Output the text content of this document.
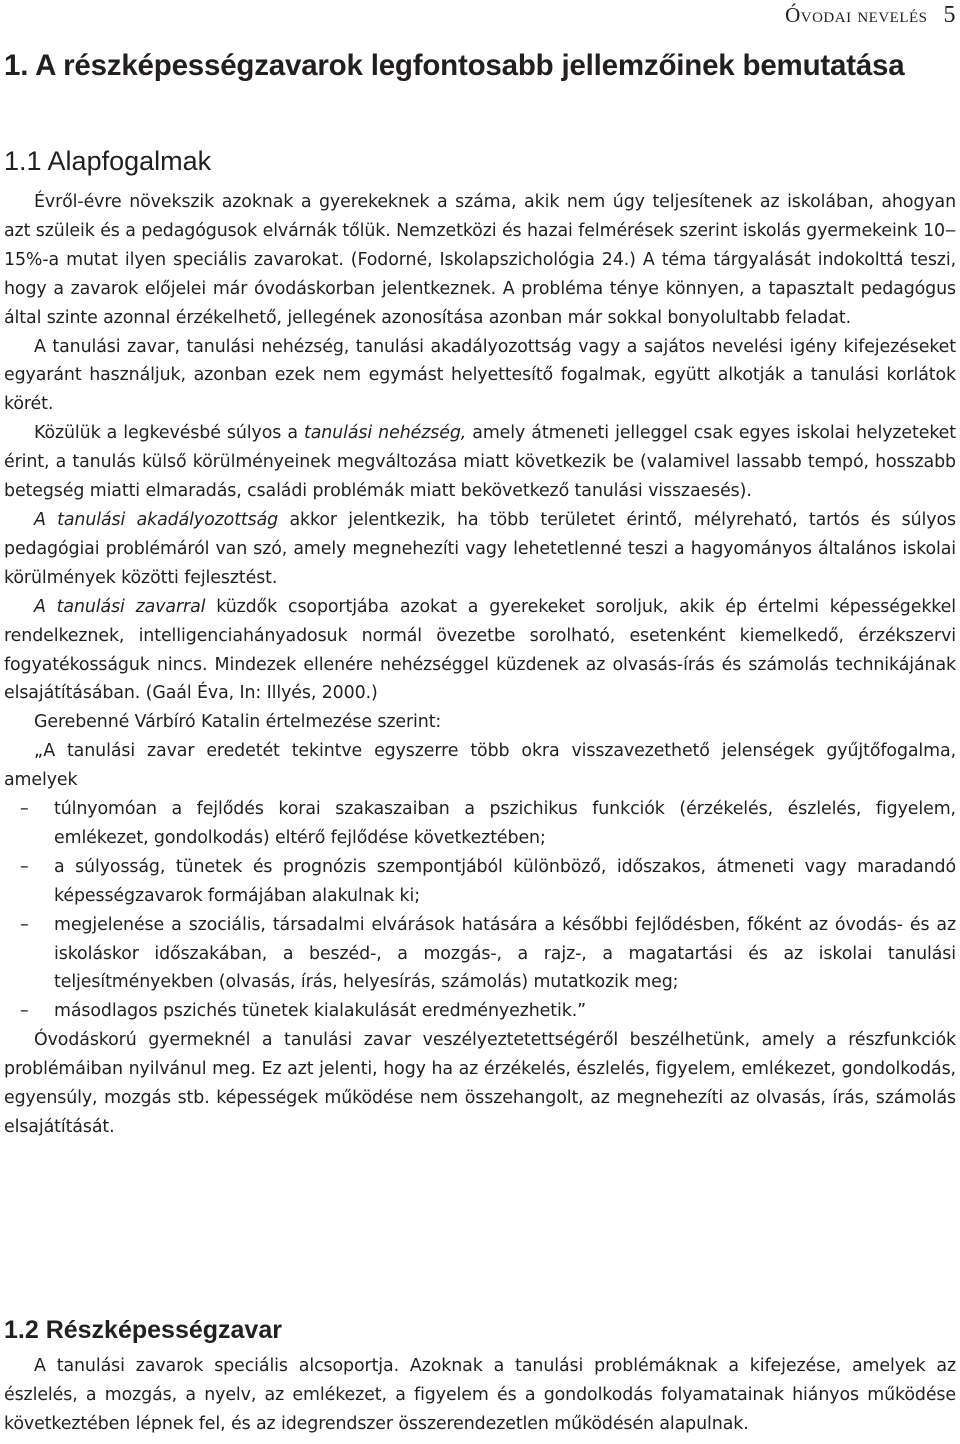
Óvodai nevelés 5
1. A részképességzavarok legfontosabb jellemzőinek bemutatása
1.1 Alapfogalmak

Évről-évre növekszik azoknak a gyerekeknek a száma, akik nem úgy teljesítenek az iskolában, ahogyan azt szüleik és a pedagógusok elvárnák tőlük. Nemzetközi és hazai felmérések szerint iskolás gyermekeink 10‒15%-a mutat ilyen speciális zavarokat. (Fodorné, Iskolapszichológia 24.) A téma tárgyalását indokolttá teszi, hogy a zavarok előjelei már óvodáskorban jelentkeznek. A probléma ténye könnyen, a tapasztalt pedagógus által szinte azonnal érzékelhető, jellegének azonosítása azonban már sokkal bonyolultabb feladat.

A tanulási zavar, tanulási nehézség, tanulási akadályozottság vagy a sajátos nevelési igény kifejezéseket egyaránt használjuk, azonban ezek nem egymást helyettesítő fogalmak, együtt alkotják a tanulási korlátok körét.

Közülük a legkevésbé súlyos a tanulási nehézség, amely átmeneti jelleggel csak egyes iskolai helyzeteket érint, a tanulás külső körülményeinek megváltozása miatt következik be (valamivel lassabb tempó, hosszabb betegség miatti elmaradás, családi problémák miatt bekövetkező tanulási visszaesés).

A tanulási akadályozottság akkor jelentkezik, ha több területet érintő, mélyreható, tartós és súlyos pedagógiai problémáról van szó, amely megnehezíti vagy lehetetlenné teszi a hagyományos általános iskolai körülmények közötti fejlesztést.

A tanulási zavarral küzdők csoportjába azokat a gyerekeket soroljuk, akik ép értelmi képességekkel rendelkeznek, intelligenciahányadosuk normál övezetbe sorolható, esetenként kiemelkedő, érzékszervi fogyatékosságuk nincs. Mindezek ellenére nehézséggel küzdenek az olvasás-írás és számolás technikájának elsajátításában. (Gaál Éva, In: Illyés, 2000.)

Gerebenné Várbíró Katalin értelmezése szerint:

„A tanulási zavar eredetét tekintve egyszerre több okra visszavezethető jelenségek gyűjtőfogalma, amelyek

– túlnyomóan a fejlődés korai szakaszaiban a pszichikus funkciók (érzékelés, észlelés, figyelem, emlékezet, gondolkodás) eltérő fejlődése következtében;
– a súlyosság, tünetek és prognózis szempontjából különböző, időszakos, átmeneti vagy maradandó képességzavarok formájában alakulnak ki;
– megjelenése a szociális, társadalmi elvárások hatására a későbbi fejlődésben, főként az óvodás- és az iskoláskor időszakában, a beszéd-, a mozgás-, a rajz-, a magatartási és az iskolai tanulási teljesítményekben (olvasás, írás, helyesírás, számolás) mutatkozik meg;
– másodlagos pszichés tünetek kialakulását eredményezhetik.”

Óvodáskorú gyermeknél a tanulási zavar veszélyeztetettségéről beszélhetünk, amely a részfunkciók problémáiban nyilvánul meg. Ez azt jelenti, hogy ha az érzékelés, észlelés, figyelem, emlékezet, gondolkodás, egyensúly, mozgás stb. képességek működése nem összehangolt, az megnehezíti az olvasás, írás, számolás elsajátítását.

1.2 Részképességzavar

A tanulási zavarok speciális alcsoportja. Azoknak a tanulási problémáknak a kifejezése, amelyek az észlelés, a mozgás, a nyelv, az emlékezet, a figyelem és a gondolkodás folyamatainak hiányos működése következtében lépnek fel, és az idegrendszer összerendezetlen működésén alapulnak.
